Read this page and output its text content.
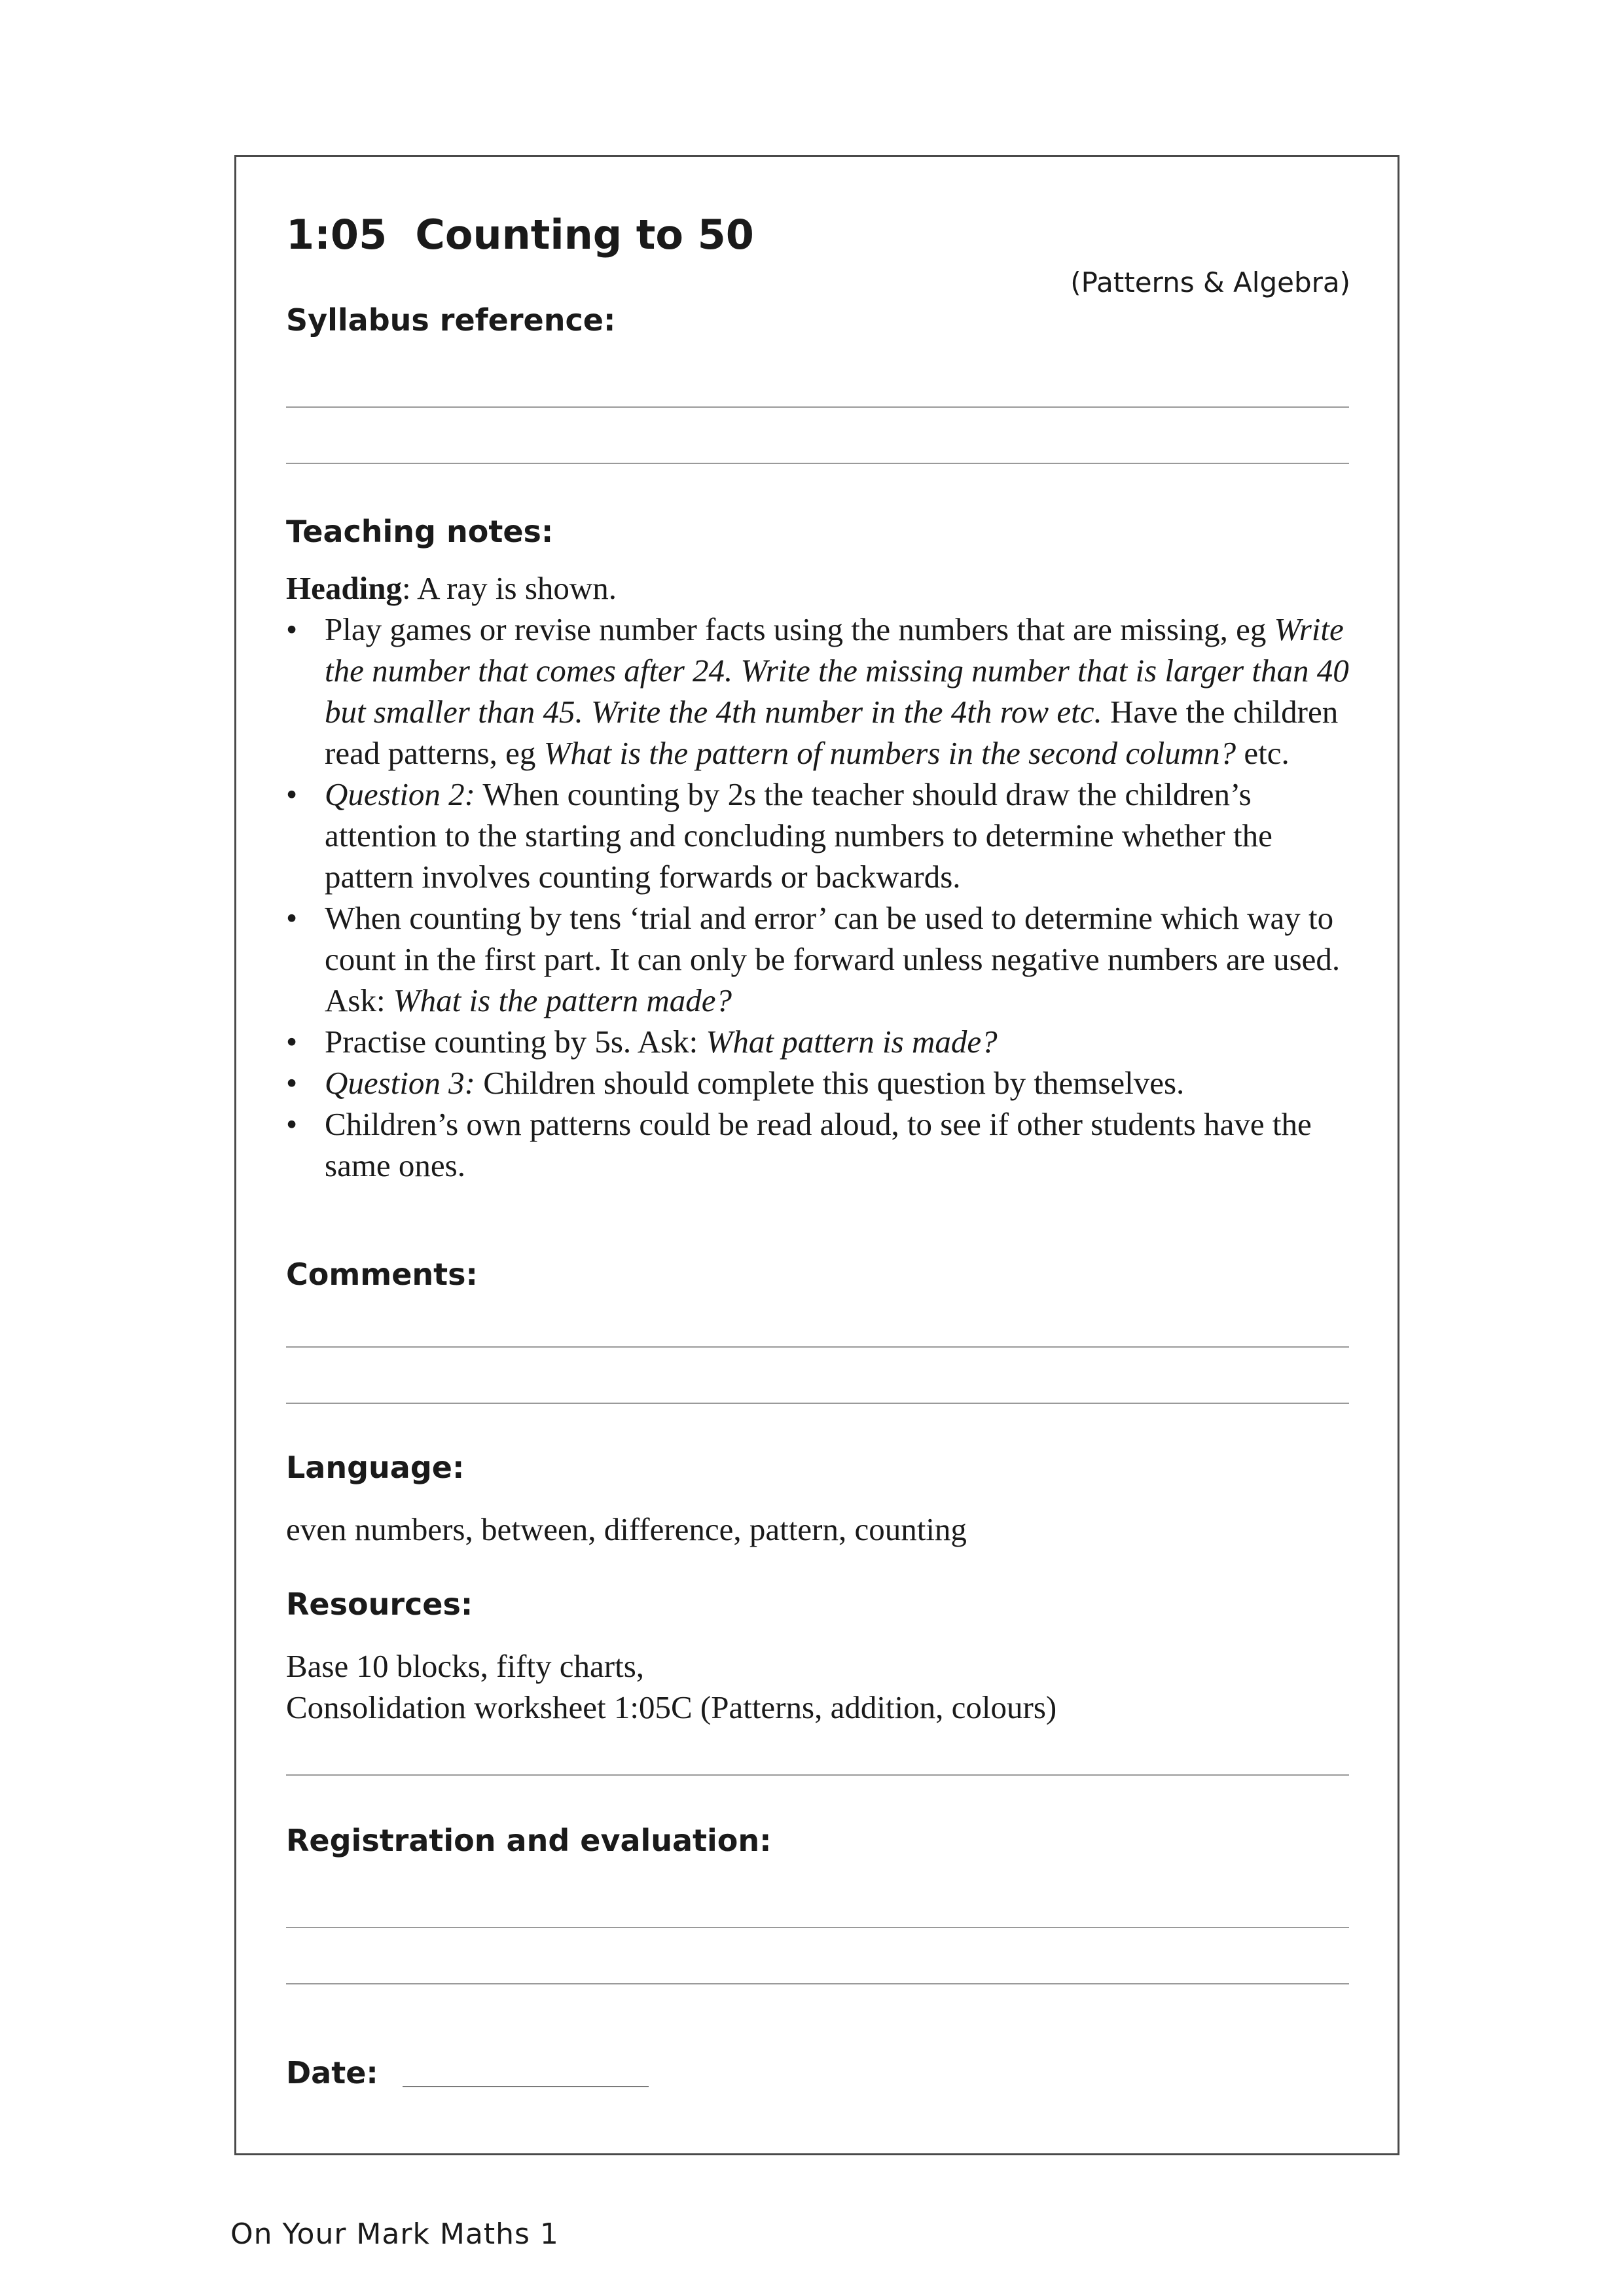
1:05  Counting to 50
(Patterns & Algebra)
Syllabus reference:
Teaching notes:

Heading: A ray is shown.

• Play games or revise number facts using the numbers that are missing, eg Write the number that comes after 24. Write the missing number that is larger than 40 but smaller than 45. Write the 4th number in the 4th row etc. Have the children read patterns, eg What is the pattern of numbers in the second column? etc.
• Question 2: When counting by 2s the teacher should draw the children’s attention to the starting and concluding numbers to determine whether the pattern involves counting forwards or backwards.
• When counting by tens ‘trial and error’ can be used to determine which way to count in the first part. It can only be forward unless negative numbers are used. Ask: What is the pattern made?
• Practise counting by 5s. Ask: What pattern is made?
• Question 3: Children should complete this question by themselves.
• Children’s own patterns could be read aloud, to see if other students have the same ones.
Comments:
Language:
even numbers, between, difference, pattern, counting
Resources:
Base 10 blocks, fifty charts,
Consolidation worksheet 1:05C (Patterns, addition, colours)
Registration and evaluation:
Date:
On Your Mark Maths 1
